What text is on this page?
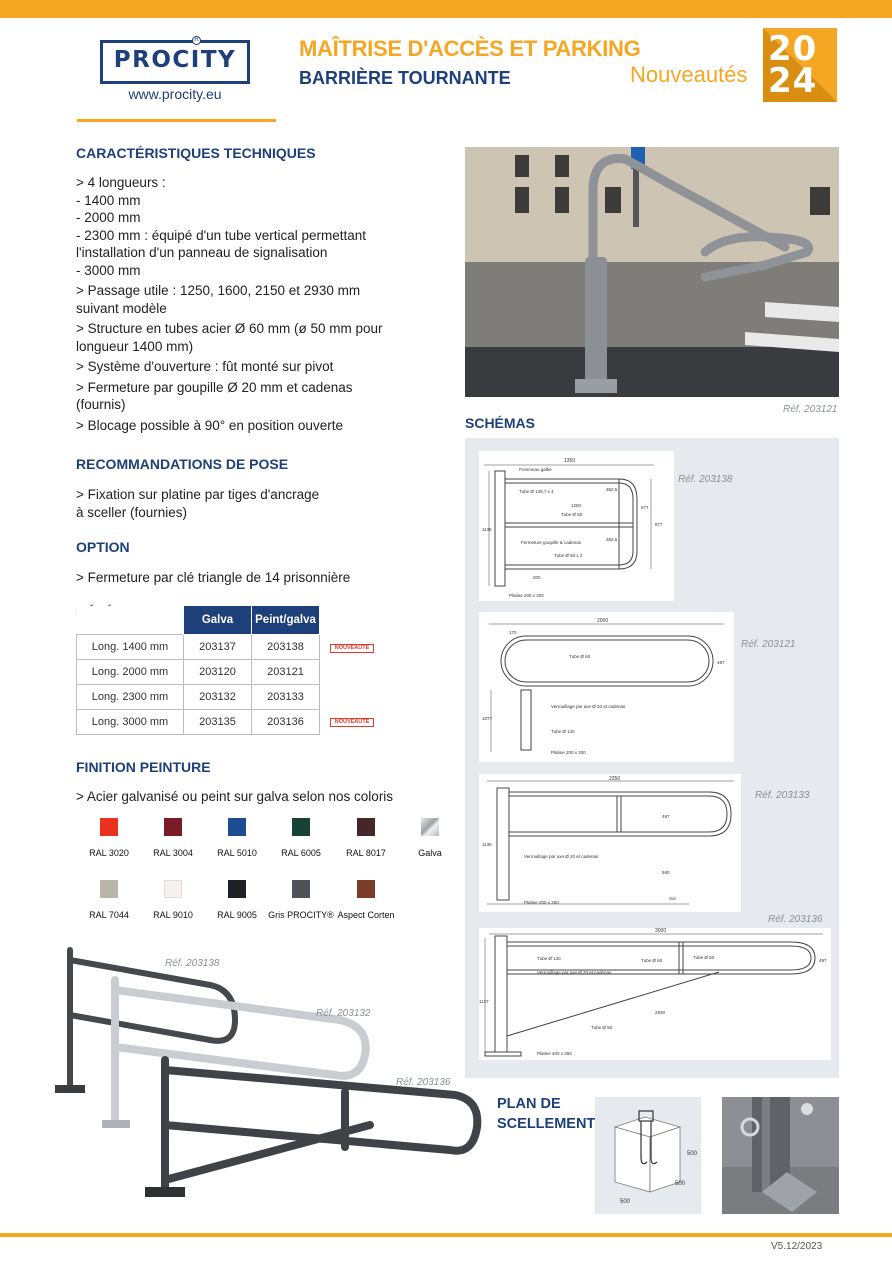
PROCITY
R
www.procity.eu
MAÎTRISE D'ACCÈS ET PARKING
BARRIÈRE TOURNANTE	Nouveautés
20
24
CARACTÉRISTIQUES TECHNIQUES
> 4 longueurs :
- 1400 mm
- 2000 mm
- 2300 mm : équipé d'un tube vertical permettant
l'installation d'un panneau de signalisation
- 3000 mm
> Passage utile : 1250, 1600, 2150 et 2930 mm
suivant modèle
> Structure en tubes acier Ø 60 mm (ø 50 mm pour
longueur 1400 mm)
> Système d'ouverture : fût monté sur pivot
> Fermeture par goupille Ø 20 mm et cadenas
(fournis)
> Blocage possible à 90° en position ouverte
RECOMMANDATIONS DE POSE
> Fixation sur platine par tiges d'ancrage
à sceller (fournies)
OPTION
> Fermeture par clé triangle de 14 prisonnière
	Galva	Peint/galva
Long. 1400 mm	203137	203138
Long. 2000 mm	203120	203121
Long. 2300 mm	203132	203133
Long. 3000 mm	203135	203136
NOUVEAUTÉ
NOUVEAUTÉ
FINITION PEINTURE
> Acier galvanisé ou peint sur galva selon nos coloris
RAL 3020	RAL 3004	RAL 5010	RAL 6005	RAL 8017	Galva
RAL 7044	RAL 9010	RAL 9005	Gris PROCITY® Aspect Corten
Réf. 203138
Réf. 203132
Réf. 203136
Réf. 203121
SCHÉMAS
1350
Pommeau galbé
Tube Ø 139,7 x 4
1250
Tube Ø 50
Fermeture goupille & cadenas
Tube Ø 50 x 2
Platine 200 x 200
1135
877
877
362,5
362,5
200
Réf. 203138
2000
170
Tube Ø 60
Verrouillage par axe Ø 20 et cadenas
Tube Ø 140
Platine 200 x 200
1077
497
Réf. 203121
2350
Verrouillage par axe Ø 20 et cadenas
Platine 200 x 200
1135
497
580
Sol
Réf. 203133
3000
Tube Ø 140
Verrouillage par axe Ø 20 et cadenas
Tube Ø 60
Tube Ø 50
Tube Ø 50
Platine 400 x 250
1127
497
2930
Réf. 203136
PLAN DE
SCELLEMENT
500
500
500
V5.12/2023
